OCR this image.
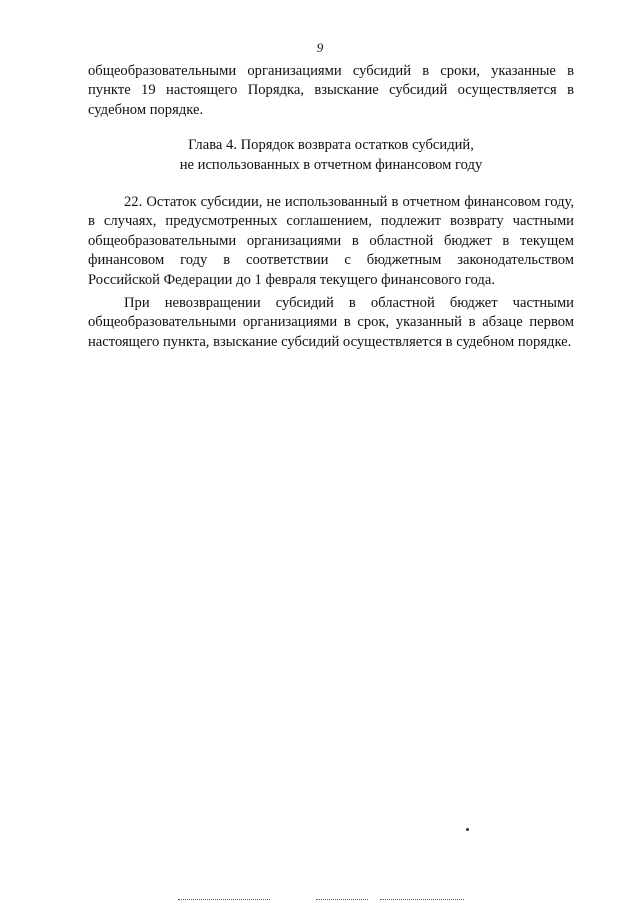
9

общеобразовательными организациями субсидий в сроки, указанные в пункте 19 настоящего Порядка, взыскание субсидий осуществляется в судебном порядке.

Глава 4. Порядок возврата остатков субсидий,
не использованных в отчетном финансовом году

22. Остаток субсидии, не использованный в отчетном финансовом году, в случаях, предусмотренных соглашением, подлежит возврату частными общеобразовательными организациями в областной бюджет в текущем финансовом году в соответствии с бюджетным законодательством Российской Федерации до 1 февраля текущего финансового года.

При невозвращении субсидий в областной бюджет частными общеобразовательными организациями в срок, указанный в абзаце первом настоящего пункта, взыскание субсидий осуществляется в судебном порядке.
